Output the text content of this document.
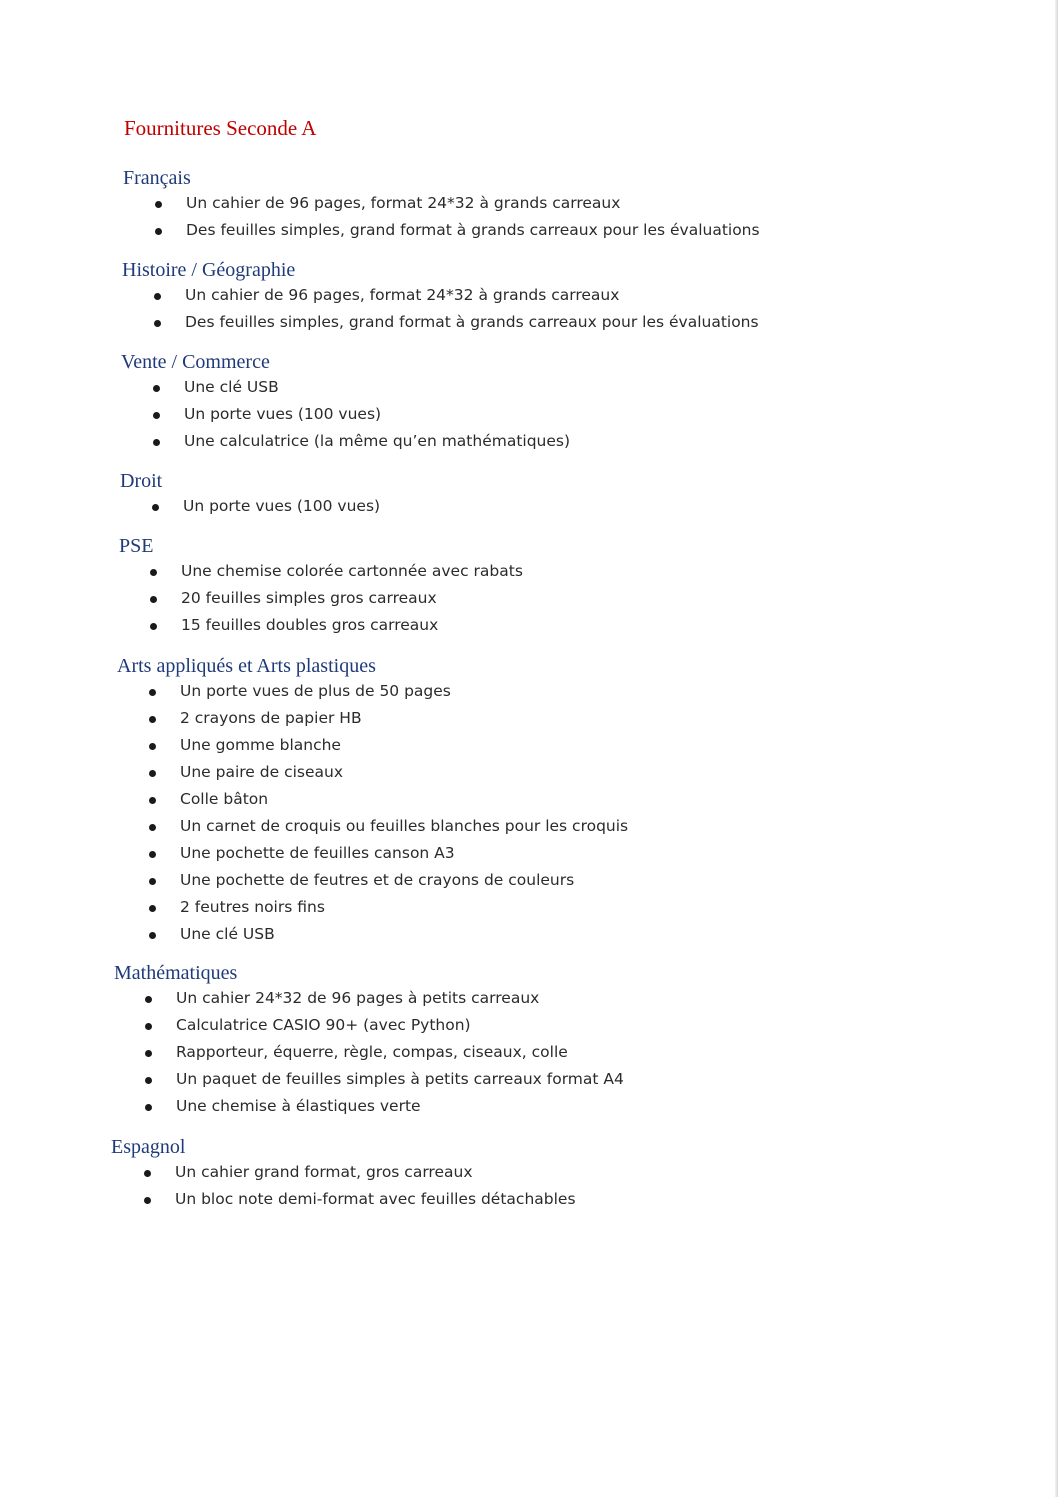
Fournitures Seconde A
Français
Un cahier de 96 pages, format 24*32 à grands carreaux
Des feuilles simples, grand format à grands carreaux pour les évaluations
Histoire / Géographie
Un cahier de 96 pages, format 24*32 à grands carreaux
Des feuilles simples, grand format à grands carreaux pour les évaluations
Vente / Commerce
Une clé USB
Un porte vues (100 vues)
Une calculatrice (la même qu’en mathématiques)
Droit
Un porte vues (100 vues)
PSE
Une chemise colorée cartonnée avec rabats
20 feuilles simples gros carreaux
15 feuilles doubles gros carreaux
Arts appliqués et Arts plastiques
Un porte vues de plus de 50 pages
2 crayons de papier HB
Une gomme blanche
Une paire de ciseaux
Colle bâton
Un carnet de croquis ou feuilles blanches pour les croquis
Une pochette de feuilles canson A3
Une pochette de feutres et de crayons de couleurs
2 feutres noirs fins
Une clé USB
Mathématiques
Un cahier 24*32 de 96 pages à petits carreaux
Calculatrice CASIO 90+ (avec Python)
Rapporteur, équerre, règle, compas, ciseaux, colle
Un paquet de feuilles simples à petits carreaux format A4
Une chemise à élastiques verte
Espagnol
Un cahier grand format, gros carreaux
Un bloc note demi-format avec feuilles détachables
